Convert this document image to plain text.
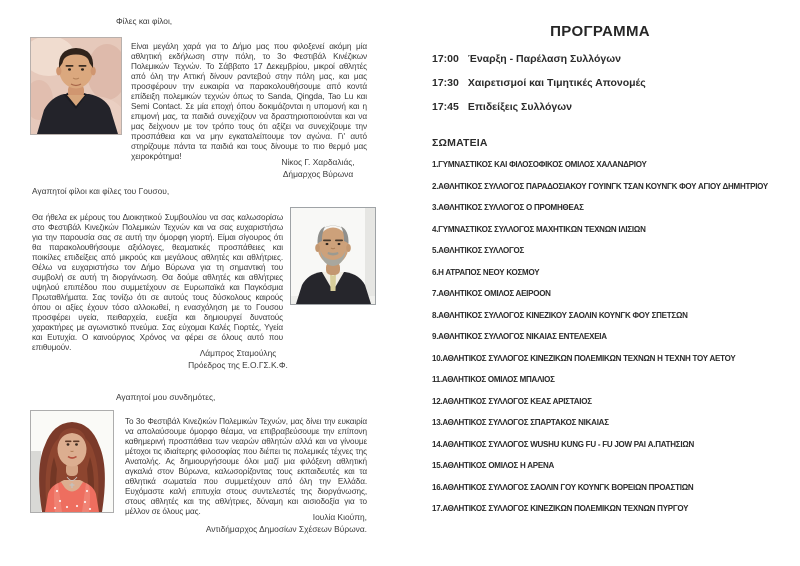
Φίλες και φίλοι,

Είναι μεγάλη χαρά για το Δήμο μας που φιλοξενεί ακόμη μία αθλητική εκδήλωση στην πόλη, το 3ο Φεστιβάλ Κινέζικων Πολεμικών Τεχνών. Το Σάββατο 17 Δεκεμβρίου, μικροί αθλητές από όλη την Αττική δίνουν ραντεβού στην πόλη μας, και μας προσφέρουν την ευκαιρία να παρακολουθήσουμε από κοντά επίδειξη πολεμικών τεχνών όπως το Sanda, Qingda, Tao Lu και Semi Contact. Σε μία εποχή όπου δοκιμάζονται η υπομονή και η επιμονή μας, τα παιδιά συνεχίζουν να δραστηριοποιούνται και να μας δείχνουν με τον τρόπο τους ότι αξίζει να συνεχίζουμε την προσπάθεια και να μην εγκαταλείπουμε τον αγώνα. Γι' αυτό στηρίζουμε πάντα τα παιδιά και τους δίνουμε το πιο θερμό μας χειροκρότημα!

Νίκος Γ. Χαρδαλιάς,
Δήμαρχος Βύρωνα
Αγαπητοί φίλοι και φίλες του Γουσου,

Θα ήθελα εκ μέρους του Διοικητικού Συμβουλίου να σας καλωσορίσω στο Φεστιβάλ Κινεζικών Πολεμικών Τεχνών και να σας ευχαριστήσω για την παρουσία σας σε αυτή την όμορφη γιορτή. Είμαι σίγουρος ότι θα παρακολουθήσουμε αξιόλογες, θεαματικές προσπάθειες και ποικίλες επιδείξεις από μικρούς και μεγάλους αθλητές και αθλήτριες. Θέλω να ευχαριστήσω τον Δήμο Βύρωνα για τη σημαντική του συμβολή σε αυτή τη διοργάνωση. Θα δούμε αθλητές και αθλήτριες υψηλού επιπέδου που συμμετέχουν σε Ευρωπαϊκά και Παγκόσμια Πρωταθλήματα. Σας τονίζω ότι σε αυτούς τους δύσκολους καιρούς όπου οι αξίες έχουν τόσο αλλοιωθεί, η ενασχόληση με το Γουσου προσφέρει υγεία, πειθαρχεία, ευεξία και δημιουργεί δυνατούς χαρακτήρες με αγωνιστικό πνεύμα. Σας εύχομαι Καλές Γιορτές, Υγεία και Ευτυχία. Ο καινούργιος Χρόνος να φέρει σε όλους αυτό που επιθυμούν.

Λάμπρος Σταμούλης
Πρόεδρος της Ε.Ο.ΓΣ.Κ.Φ.
Αγαπητοί μου συνδημότες,

Το 3ο Φεστιβάλ Κινεζικών Πολεμικών Τεχνών, μας δίνει την ευκαιρία να απολαύσουμε όμορφο θέαμα, να επιβραβεύσουμε την επίπονη καθημερινή προσπάθεια των νεαρών αθλητών αλλά και να γίνουμε μέτοχοι τις ιδιαίτερης φιλοσοφίας που διέπει τις πολεμικές τέχνες της Ανατολής. Ας δημιουργήσουμε όλοι μαζί μια φιλόξενη αθλητική αγκαλιά στον Βύρωνα, καλωσορίζοντας τους εκπαιδευτές και τα αθλητικά σωματεία που συμμετέχουν από όλη την Ελλάδα. Ευχόμαστε καλή επιτυχία στους συντελεστές της διοργάνωσης, στους αθλητές και της αθλήτριες, δύναμη και αισιοδοξία για το μέλλον σε όλους μας.

Ιουλία Κιούπη,
Αντιδήμαρχος Δημοσίων Σχέσεων Βύρωνα.
ΠΡΟΓΡΑΜΜΑ
17:00 Έναρξη - Παρέλαση Συλλόγων
17:30 Χαιρετισμοί και Τιμητικές Απονομές
17:45 Επιδείξεις Συλλόγων
ΣΩΜΑΤΕΙΑ
1.ΓΥΜΝΑΣΤΙΚΟΣ ΚΑΙ ΦΙΛΟΣΟΦΙΚΟΣ ΟΜΙΛΟΣ ΧΑΛΑΝΔΡΙΟΥ
2.ΑΘΛΗΤΙΚΟΣ ΣΥΛΛΟΓΟΣ ΠΑΡΑΔΟΣΙΑΚΟΥ ΓΟΥΙΝΓΚ ΤΣΑΝ ΚΟΥΝΓΚ ΦΟΥ ΑΓΙΟΥ ΔΗΜΗΤΡΙΟΥ
3.ΑΘΛΗΤΙΚΟΣ ΣΥΛΛΟΓΟΣ Ο ΠΡΟΜΗΘΕΑΣ
4.ΓΥΜΝΑΣΤΙΚΟΣ ΣΥΛΛΟΓΟΣ ΜΑΧΗΤΙΚΩΝ ΤΕΧΝΩΝ ΙΛΙΣΙΩΝ
5.ΑΘΛΗΤΙΚΟΣ ΣΥΛΛΟΓΟΣ
6.Η ΑΤΡΑΠΟΣ ΝΕΟΥ ΚΟΣΜΟΥ
7.ΑΘΛΗΤΙΚΟΣ ΟΜΙΛΟΣ ΑΕΙΡΟΟΝ
8.ΑΘΛΗΤΙΚΟΣ ΣΥΛΛΟΓΟΣ ΚΙΝΕΖΙΚΟΥ ΣΑΟΛΙΝ ΚΟΥΝΓΚ ΦΟΥ ΣΠΕΤΣΩΝ
9.ΑΘΛΗΤΙΚΟΣ ΣΥΛΛΟΓΟΣ ΝΙΚΑΙΑΣ ΕΝΤΕΛΕΧΕΙΑ
10.ΑΘΛΗΤΙΚΟΣ ΣΥΛΛΟΓΟΣ ΚΙΝΕΖΙΚΩΝ ΠΟΛΕΜΙΚΩΝ ΤΕΧΝΩΝ Η ΤΕΧΝΗ ΤΟΥ ΑΕΤΟΥ
11.ΑΘΛΗΤΙΚΟΣ ΟΜΙΛΟΣ ΜΠΑΛΙΟΣ
12.ΑΘΛΗΤΙΚΟΣ ΣΥΛΛΟΓΟΣ ΚΕΑΣ ΑΡΙΣΤΑΙΟΣ
13.ΑΘΛΗΤΙΚΟΣ ΣΥΛΛΟΓΟΣ ΣΠΑΡΤΑΚΟΣ ΝΙΚΑΙΑΣ
14.ΑΘΛΗΤΙΚΟΣ ΣΥΛΛΟΓΟΣ WUSHU KUNG FU - FU JOW PAI Α.ΠΑΤΗΣΙΩΝ
15.ΑΘΛΗΤΙΚΟΣ ΟΜΙΛΟΣ Η ΑΡΕΝΑ
16.ΑΘΛΗΤΙΚΟΣ ΣΥΛΛΟΓΟΣ ΣΑΟΛΙΝ ΓΟΥ ΚΟΥΝΓΚ ΒΟΡΕΙΩΝ ΠΡΟΑΣΤΙΩΝ
17.ΑΘΛΗΤΙΚΟΣ ΣΥΛΛΟΓΟΣ ΚΙΝΕΖΙΚΩΝ ΠΟΛΕΜΙΚΩΝ ΤΕΧΝΩΝ ΠΥΡΓΟΥ
